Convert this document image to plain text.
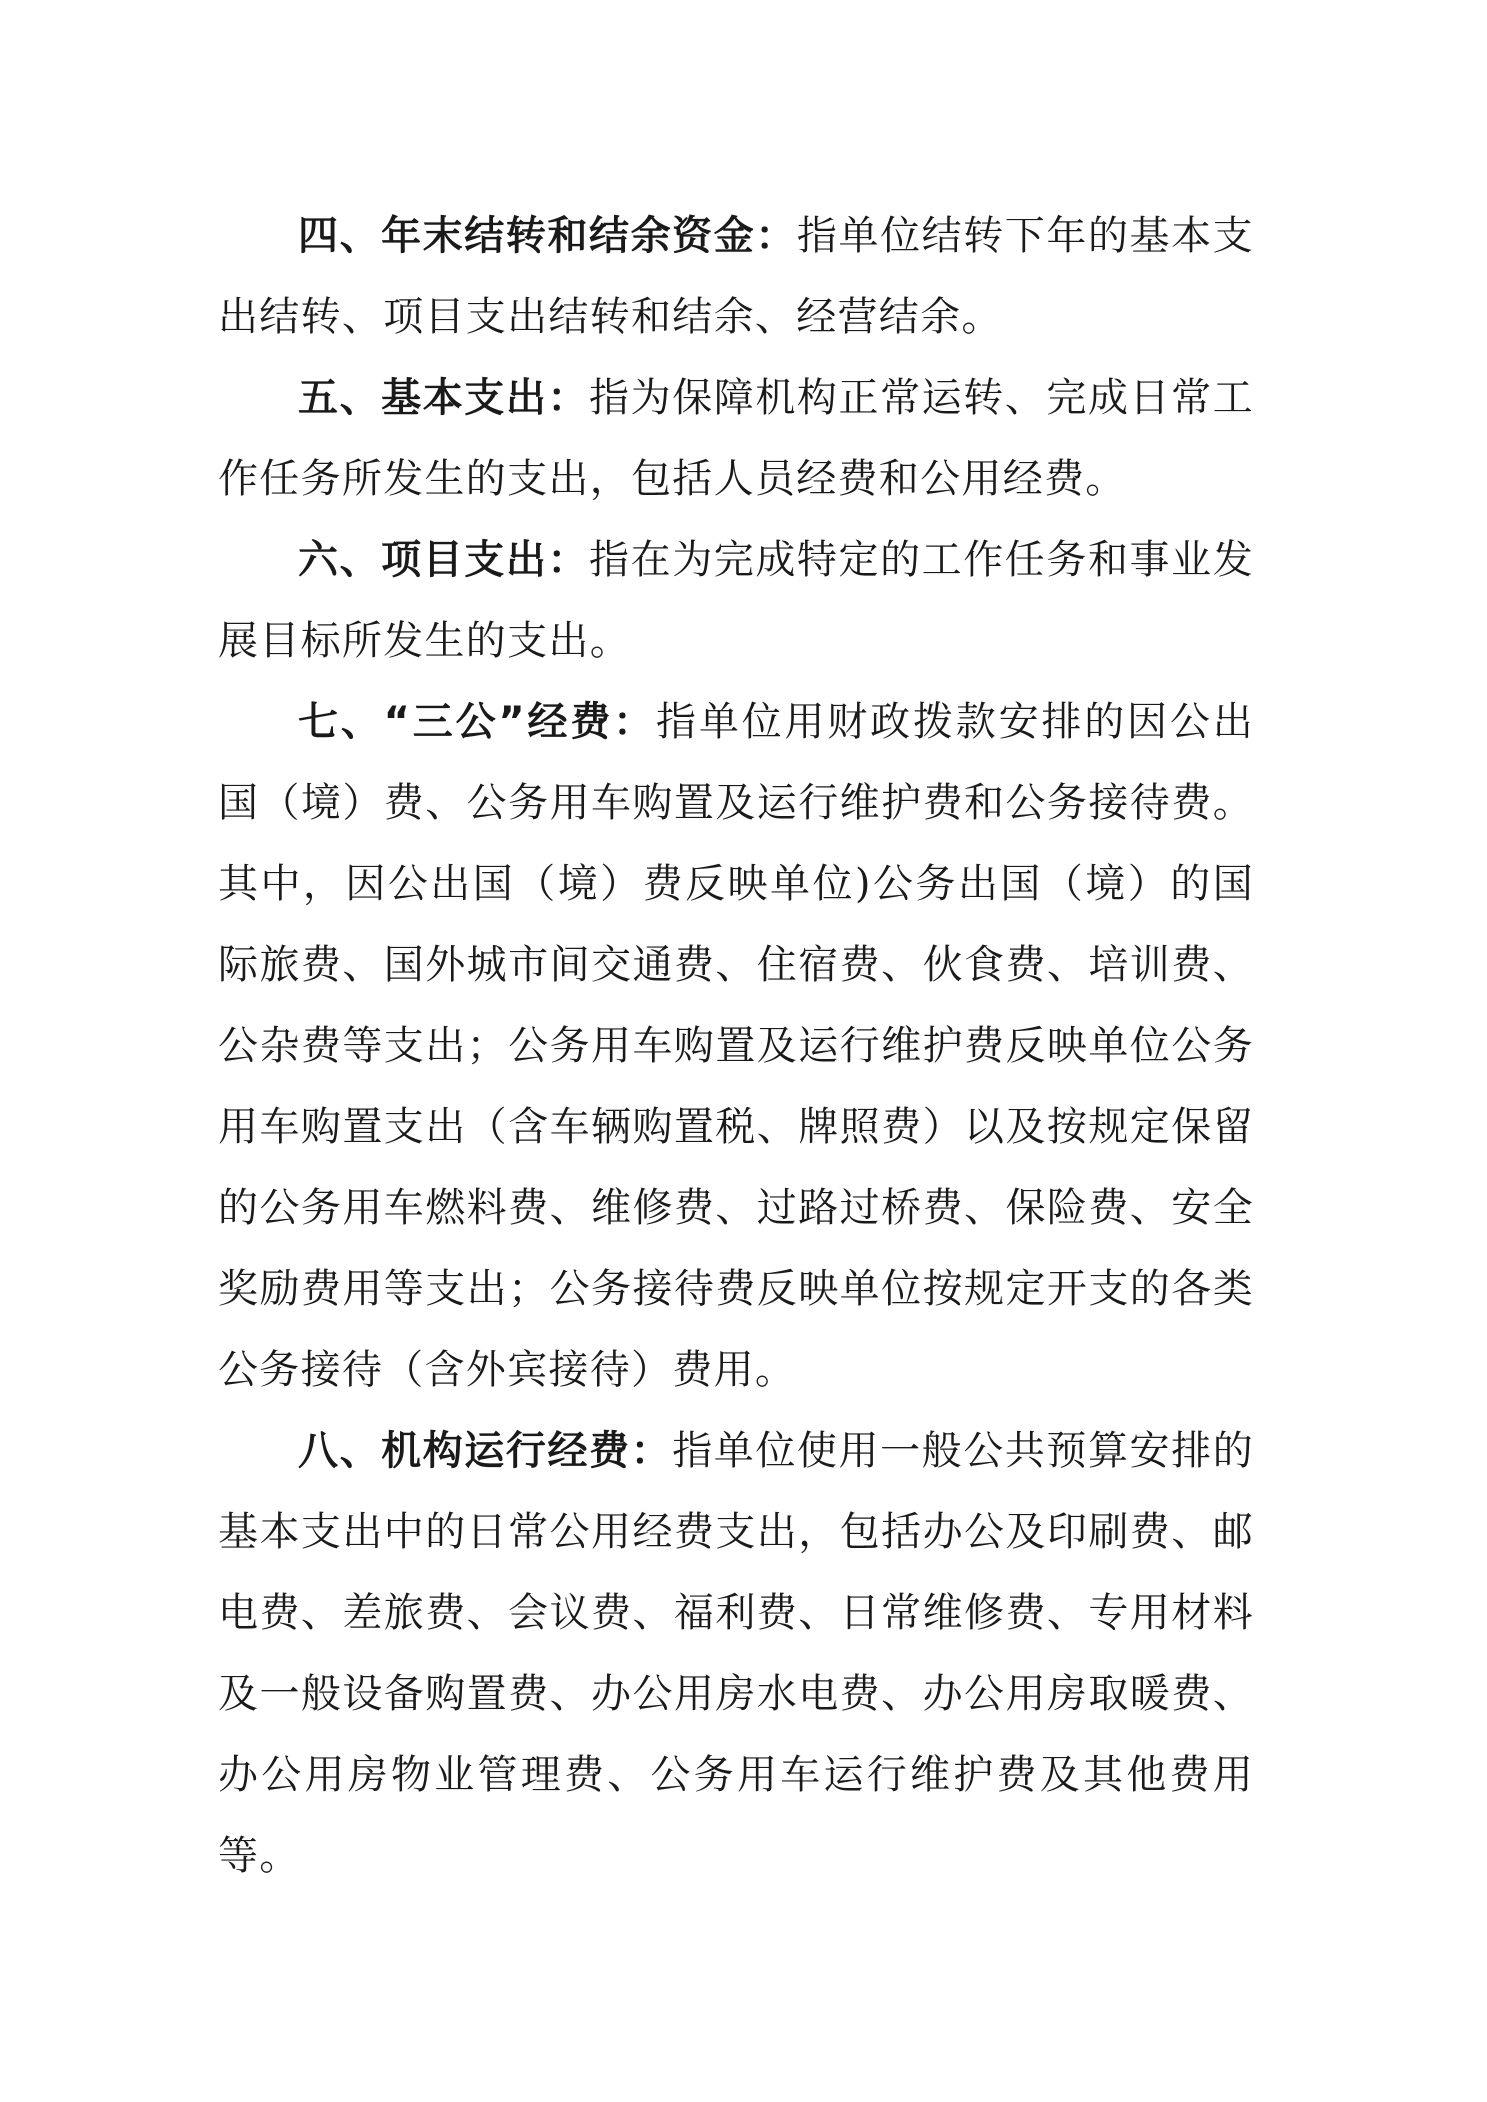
四、年末结转和结余资金：指单位结转下年的基本支出结转、项目支出结转和结余、经营结余。

五、基本支出：指为保障机构正常运转、完成日常工作任务所发生的支出，包括人员经费和公用经费。

六、项目支出：指在为完成特定的工作任务和事业发展目标所发生的支出。

七、“三公”经费：指单位用财政拨款安排的因公出国（境）费、公务用车购置及运行维护费和公务接待费。其中，因公出国（境）费反映单位)公务出国（境）的国际旅费、国外城市间交通费、住宿费、伙食费、培训费、公杂费等支出；公务用车购置及运行维护费反映单位公务用车购置支出（含车辆购置税、牌照费）以及按规定保留的公务用车燃料费、维修费、过路过桥费、保险费、安全奖励费用等支出；公务接待费反映单位按规定开支的各类公务接待（含外宾接待）费用。

八、机构运行经费：指单位使用一般公共预算安排的基本支出中的日常公用经费支出，包括办公及印刷费、邮电费、差旅费、会议费、福利费、日常维修费、专用材料及一般设备购置费、办公用房水电费、办公用房取暖费、办公用房物业管理费、公务用车运行维护费及其他费用等。
